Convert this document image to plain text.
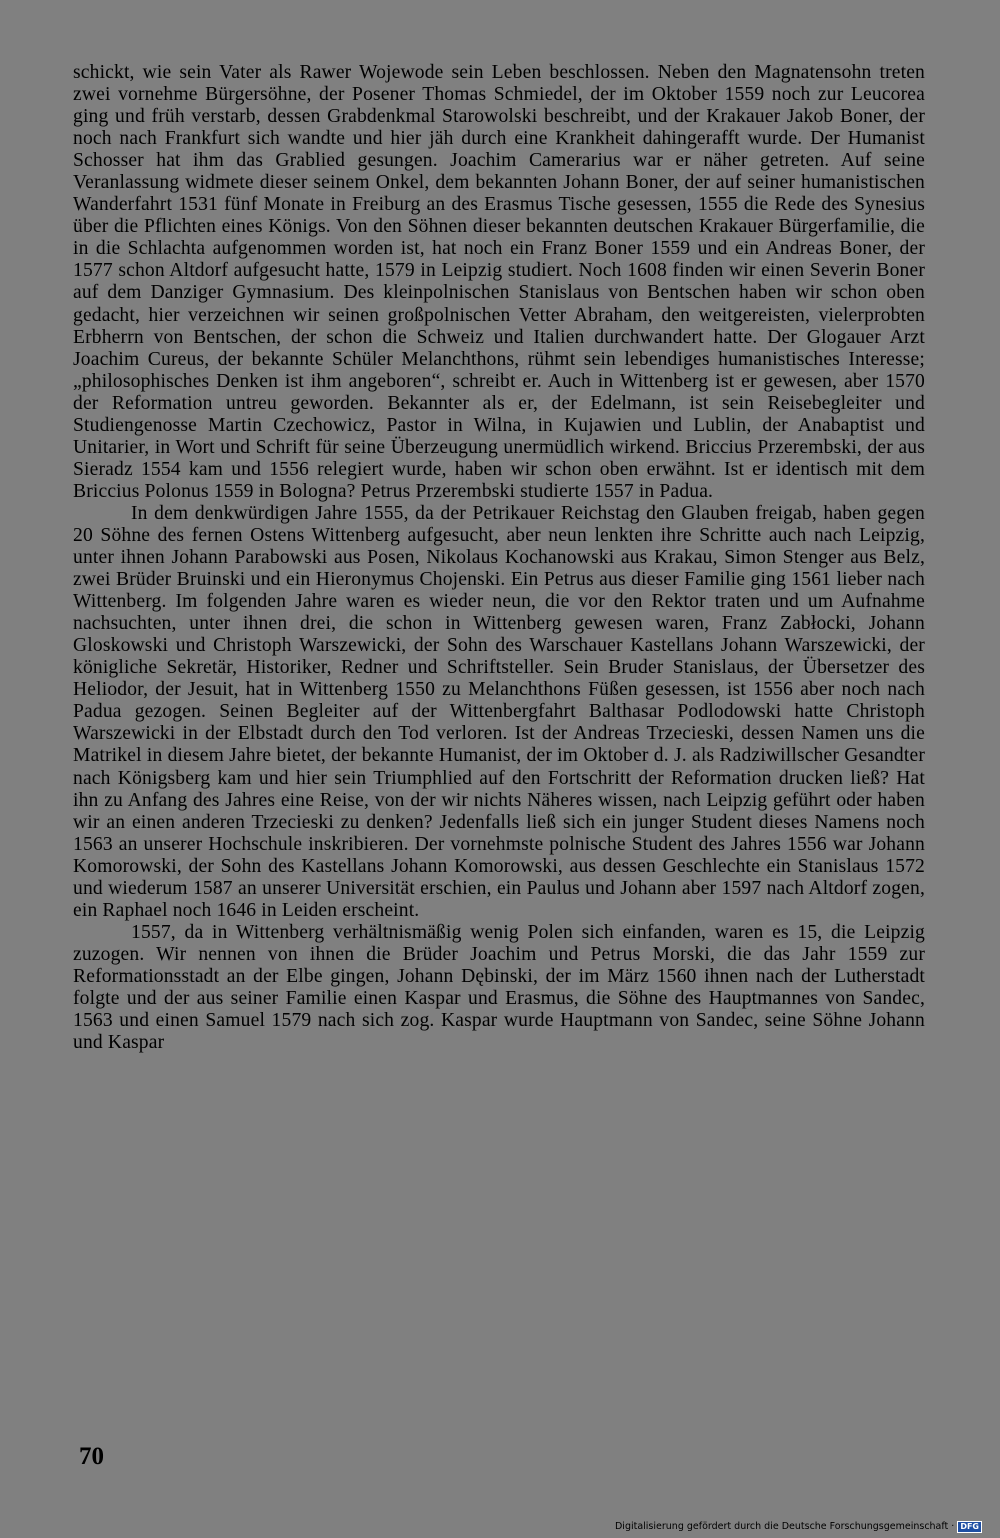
schickt, wie sein Vater als Rawer Wojewode sein Leben beschlossen. Neben den Magnatensohn treten zwei vornehme Bürgersöhne, der Posener Thomas Schmiedel, der im Oktober 1559 noch zur Leucorea ging und früh verstarb, dessen Grabdenkmal Starowolski beschreibt, und der Krakauer Jakob Boner, der noch nach Frankfurt sich wandte und hier jäh durch eine Krankheit dahingerafft wurde. Der Humanist Schosser hat ihm das Grablied gesungen. Joachim Camerarius war er näher getreten. Auf seine Veranlassung widmete dieser seinem Onkel, dem bekannten Johann Boner, der auf seiner humanistischen Wanderfahrt 1531 fünf Monate in Freiburg an des Erasmus Tische gesessen, 1555 die Rede des Synesius über die Pflichten eines Königs. Von den Söhnen dieser bekannten deutschen Krakauer Bürgerfamilie, die in die Schlachta aufgenommen worden ist, hat noch ein Franz Boner 1559 und ein Andreas Boner, der 1577 schon Altdorf aufgesucht hatte, 1579 in Leipzig studiert. Noch 1608 finden wir einen Severin Boner auf dem Danziger Gymnasium. Des kleinpolnischen Stanislaus von Bentschen haben wir schon oben gedacht, hier verzeichnen wir seinen großpolnischen Vetter Abraham, den weitgereisten, vielerprobten Erbherrn von Bentschen, der schon die Schweiz und Italien durchwandert hatte. Der Glogauer Arzt Joachim Cureus, der bekannte Schüler Melanchthons, rühmt sein lebendiges humanistisches Interesse; „philosophisches Denken ist ihm angeboren“, schreibt er. Auch in Wittenberg ist er gewesen, aber 1570 der Reformation untreu geworden. Bekannter als er, der Edelmann, ist sein Reisebegleiter und Studiengenosse Martin Czechowicz, Pastor in Wilna, in Kujawien und Lublin, der Anabaptist und Unitarier, in Wort und Schrift für seine Überzeugung unermüdlich wirkend. Briccius Przerembski, der aus Sieradz 1554 kam und 1556 relegiert wurde, haben wir schon oben erwähnt. Ist er identisch mit dem Briccius Polonus 1559 in Bologna? Petrus Przerembski studierte 1557 in Padua.

In dem denkwürdigen Jahre 1555, da der Petrikauer Reichstag den Glauben freigab, haben gegen 20 Söhne des fernen Ostens Wittenberg aufgesucht, aber neun lenkten ihre Schritte auch nach Leipzig, unter ihnen Johann Parabowski aus Posen, Nikolaus Kochanowski aus Krakau, Simon Stenger aus Belz, zwei Brüder Bruinski und ein Hieronymus Chojenski. Ein Petrus aus dieser Familie ging 1561 lieber nach Wittenberg. Im folgenden Jahre waren es wieder neun, die vor den Rektor traten und um Aufnahme nachsuchten, unter ihnen drei, die schon in Wittenberg gewesen waren, Franz Zabłocki, Johann Gloskowski und Christoph Warszewicki, der Sohn des Warschauer Kastellans Johann Warszewicki, der königliche Sekretär, Historiker, Redner und Schriftsteller. Sein Bruder Stanislaus, der Übersetzer des Heliodor, der Jesuit, hat in Wittenberg 1550 zu Melanchthons Füßen gesessen, ist 1556 aber noch nach Padua gezogen. Seinen Begleiter auf der Wittenbergfahrt Balthasar Podlodowski hatte Christoph Warszewicki in der Elbstadt durch den Tod verloren. Ist der Andreas Trzecieski, dessen Namen uns die Matrikel in diesem Jahre bietet, der bekannte Humanist, der im Oktober d. J. als Radziwillscher Gesandter nach Königsberg kam und hier sein Triumphlied auf den Fortschritt der Reformation drucken ließ? Hat ihn zu Anfang des Jahres eine Reise, von der wir nichts Näheres wissen, nach Leipzig geführt oder haben wir an einen anderen Trzecieski zu denken? Jedenfalls ließ sich ein junger Student dieses Namens noch 1563 an unserer Hochschule inskribieren. Der vornehmste polnische Student des Jahres 1556 war Johann Komorowski, der Sohn des Kastellans Johann Komorowski, aus dessen Geschlechte ein Stanislaus 1572 und wiederum 1587 an unserer Universität erschien, ein Paulus und Johann aber 1597 nach Altdorf zogen, ein Raphael noch 1646 in Leiden erscheint.

1557, da in Wittenberg verhältnismäßig wenig Polen sich einfanden, waren es 15, die Leipzig zuzogen. Wir nennen von ihnen die Brüder Joachim und Petrus Morski, die das Jahr 1559 zur Reformationsstadt an der Elbe gingen, Johann Dębinski, der im März 1560 ihnen nach der Lutherstadt folgte und der aus seiner Familie einen Kaspar und Erasmus, die Söhne des Hauptmannes von Sandec, 1563 und einen Samuel 1579 nach sich zog. Kaspar wurde Hauptmann von Sandec, seine Söhne Johann und Kaspar

70
Digitalisierung gefördert durch die Deutsche Forschungsgemeinschaft · DFG
